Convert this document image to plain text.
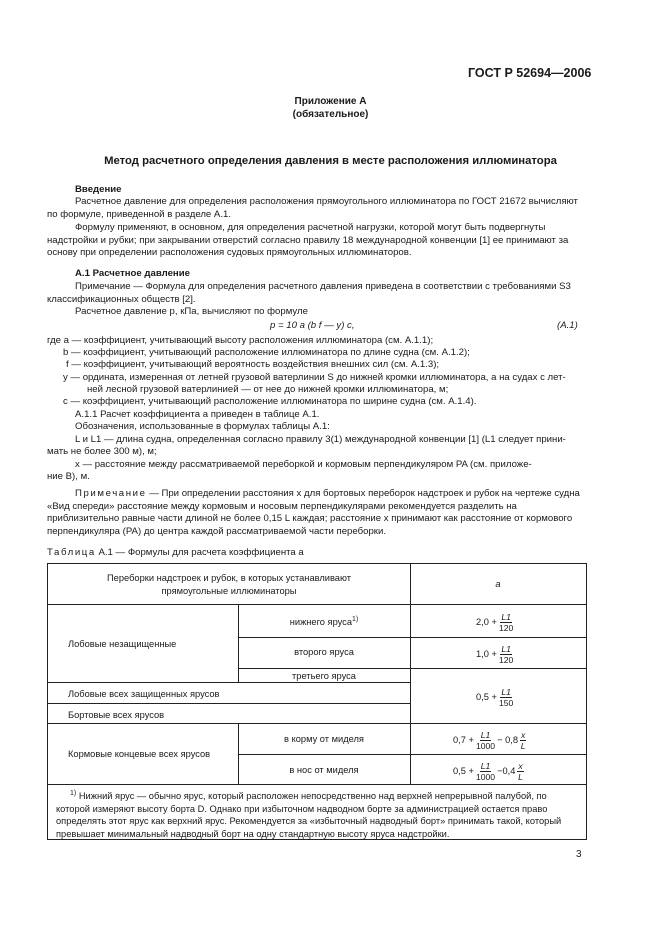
ГОСТ Р 52694—2006
Приложение А
(обязательное)
Метод расчетного определения давления в месте расположения иллюминатора
Введение
Расчетное давление для определения расположения прямоугольного иллюминатора по ГОСТ 21672 вычисляют по формуле, приведенной в разделе А.1.
Формулу применяют, в основном, для определения расчетной нагрузки, которой могут быть подвергнуты надстройки и рубки; при закрывании отверстий согласно правилу 18 международной конвенции [1] ее принимают за основу при определении расположения судовых прямоугольных иллюминаторов.
А.1 Расчетное давление
Примечание — Формула для определения расчетного давления приведена в соответствии с требованиями S3 классификационных обществ [2].
Расчетное давление p, кПа, вычисляют по формуле
p = 10 a (b f — y) c,	(А.1)
где a — коэффициент, учитывающий высоту расположения иллюминатора (см. А.1.1);
b — коэффициент, учитывающий расположение иллюминатора по длине судна (см. А.1.2);
f — коэффициент, учитывающий вероятность воздействия внешних сил (см. А.1.3);
y — ордината, измеренная от летней грузовой ватерлинии S до нижней кромки иллюминатора, а на судах с лет-
ней лесной грузовой ватерлинией — от нее до нижней кромки иллюминатора, м;
c — коэффициент, учитывающий расположение иллюминатора по ширине судна (см. А.1.4).
А.1.1 Расчет коэффициента a приведен в таблице А.1.
Обозначения, использованные в формулах таблицы А.1:
L и L1 — длина судна, определенная согласно правилу 3(1) международной конвенции [1] (L1 следует прини-
мать не более 300 м), м;
x — расстояние между рассматриваемой переборкой и кормовым перпендикуляром PA (см. приложе-
ние В), м.
Примечание — При определении расстояния x для бортовых переборок надстроек и рубок на чертеже судна «Вид спереди» расстояние между кормовым и носовым перпендикулярами рекомендуется разделить на приблизительно равные части длиной не более 0,15 L каждая; расстояние x принимают как расстояние от кормового перпендикуляра (PA) до центра каждой рассматриваемой части переборки.
Таблица А.1 — Формулы для расчета коэффициента a
Переборки надстроек и рубок, в которых устанавливают
прямоугольные иллюминаторы
a
Лобовые незащищенные
нижнего яруса$^{1)}$
второго яруса
третьего яруса
Лобовые всех защищенных ярусов
Бортовые всех ярусов
Кормовые концевые всех ярусов
в корму от миделя
в нос от миделя
$2,0 + \frac{L1}{120}$
$1,0 + \frac{L1}{120}$
$0,5 + \frac{L1}{150}$
$0,7 + \frac{L1}{1000} - 0,8 \frac{x}{L}$
$0,5 + \frac{L1}{1000} -0,4 \frac{x}{L}$
$^{1)}$ Нижний ярус — обычно ярус, который расположен непосредственно над верхней непрерывной палубой, по которой измеряют высоту борта D. Однако при избыточном надводном борте за администрацией остается право определять этот ярус как верхний ярус. Рекомендуется за «избыточный надводный борт» принимать такой, который превышает минимальный надводный борт на одну стандартную высоту яруса надстройки.
3
